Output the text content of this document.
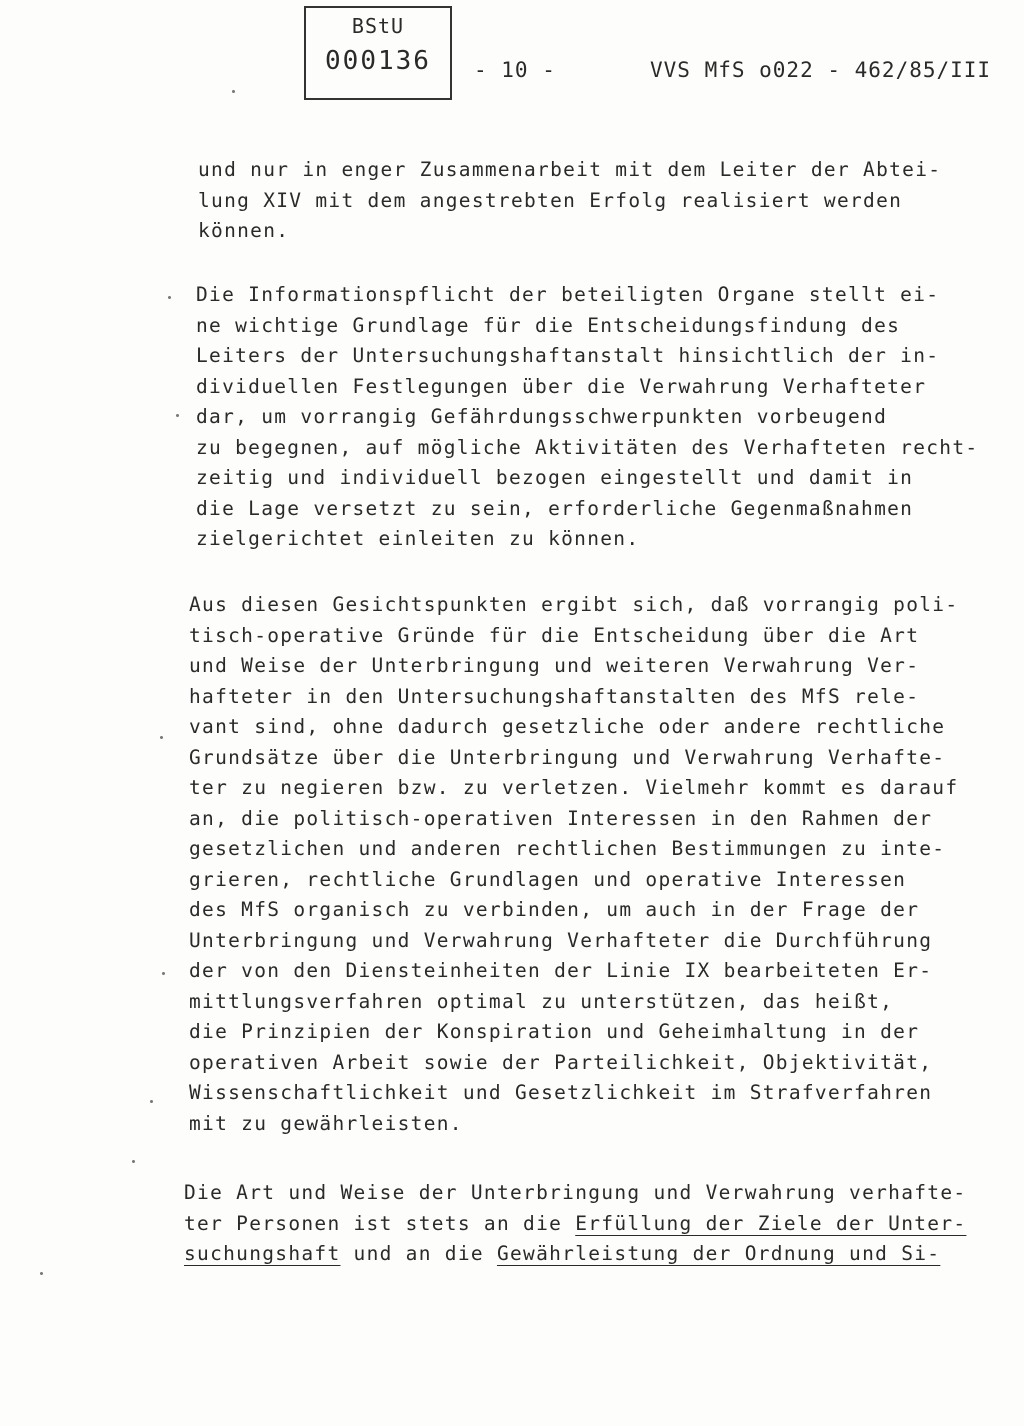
BStU
000136	- 10 -	VVS MfS o022 - 462/85/III

und nur in enger Zusammenarbeit mit dem Leiter der Abtei-
lung XIV mit dem angestrebten Erfolg realisiert werden
können.

Die Informationspflicht der beteiligten Organe stellt ei-
ne wichtige Grundlage für die Entscheidungsfindung des
Leiters der Untersuchungshaftanstalt hinsichtlich der in-
dividuellen Festlegungen über die Verwahrung Verhafteter
dar, um vorrangig Gefährdungsschwerpunkten vorbeugend
zu begegnen, auf mögliche Aktivitäten des Verhafteten recht-
zeitig und individuell bezogen eingestellt und damit in
die Lage versetzt zu sein, erforderliche Gegenmaßnahmen
zielgerichtet einleiten zu können.

Aus diesen Gesichtspunkten ergibt sich, daß vorrangig poli-
tisch-operative Gründe für die Entscheidung über die Art
und Weise der Unterbringung und weiteren Verwahrung Ver-
hafteter in den Untersuchungshaftanstalten des MfS rele-
vant sind, ohne dadurch gesetzliche oder andere rechtliche
Grundsätze über die Unterbringung und Verwahrung Verhafte-
ter zu negieren bzw. zu verletzen. Vielmehr kommt es darauf
an, die politisch-operativen Interessen in den Rahmen der
gesetzlichen und anderen rechtlichen Bestimmungen zu inte-
grieren, rechtliche Grundlagen und operative Interessen
des MfS organisch zu verbinden, um auch in der Frage der
Unterbringung und Verwahrung Verhafteter die Durchführung
der von den Diensteinheiten der Linie IX bearbeiteten Er-
mittlungsverfahren optimal zu unterstützen, das heißt,
die Prinzipien der Konspiration und Geheimhaltung in der
operativen Arbeit sowie der Parteilichkeit, Objektivität,
Wissenschaftlichkeit und Gesetzlichkeit im Strafverfahren
mit zu gewährleisten.

Die Art und Weise der Unterbringung und Verwahrung verhafte-
ter Personen ist stets an die Erfüllung der Ziele der Unter-
suchungshaft und an die Gewährleistung der Ordnung und Si-
